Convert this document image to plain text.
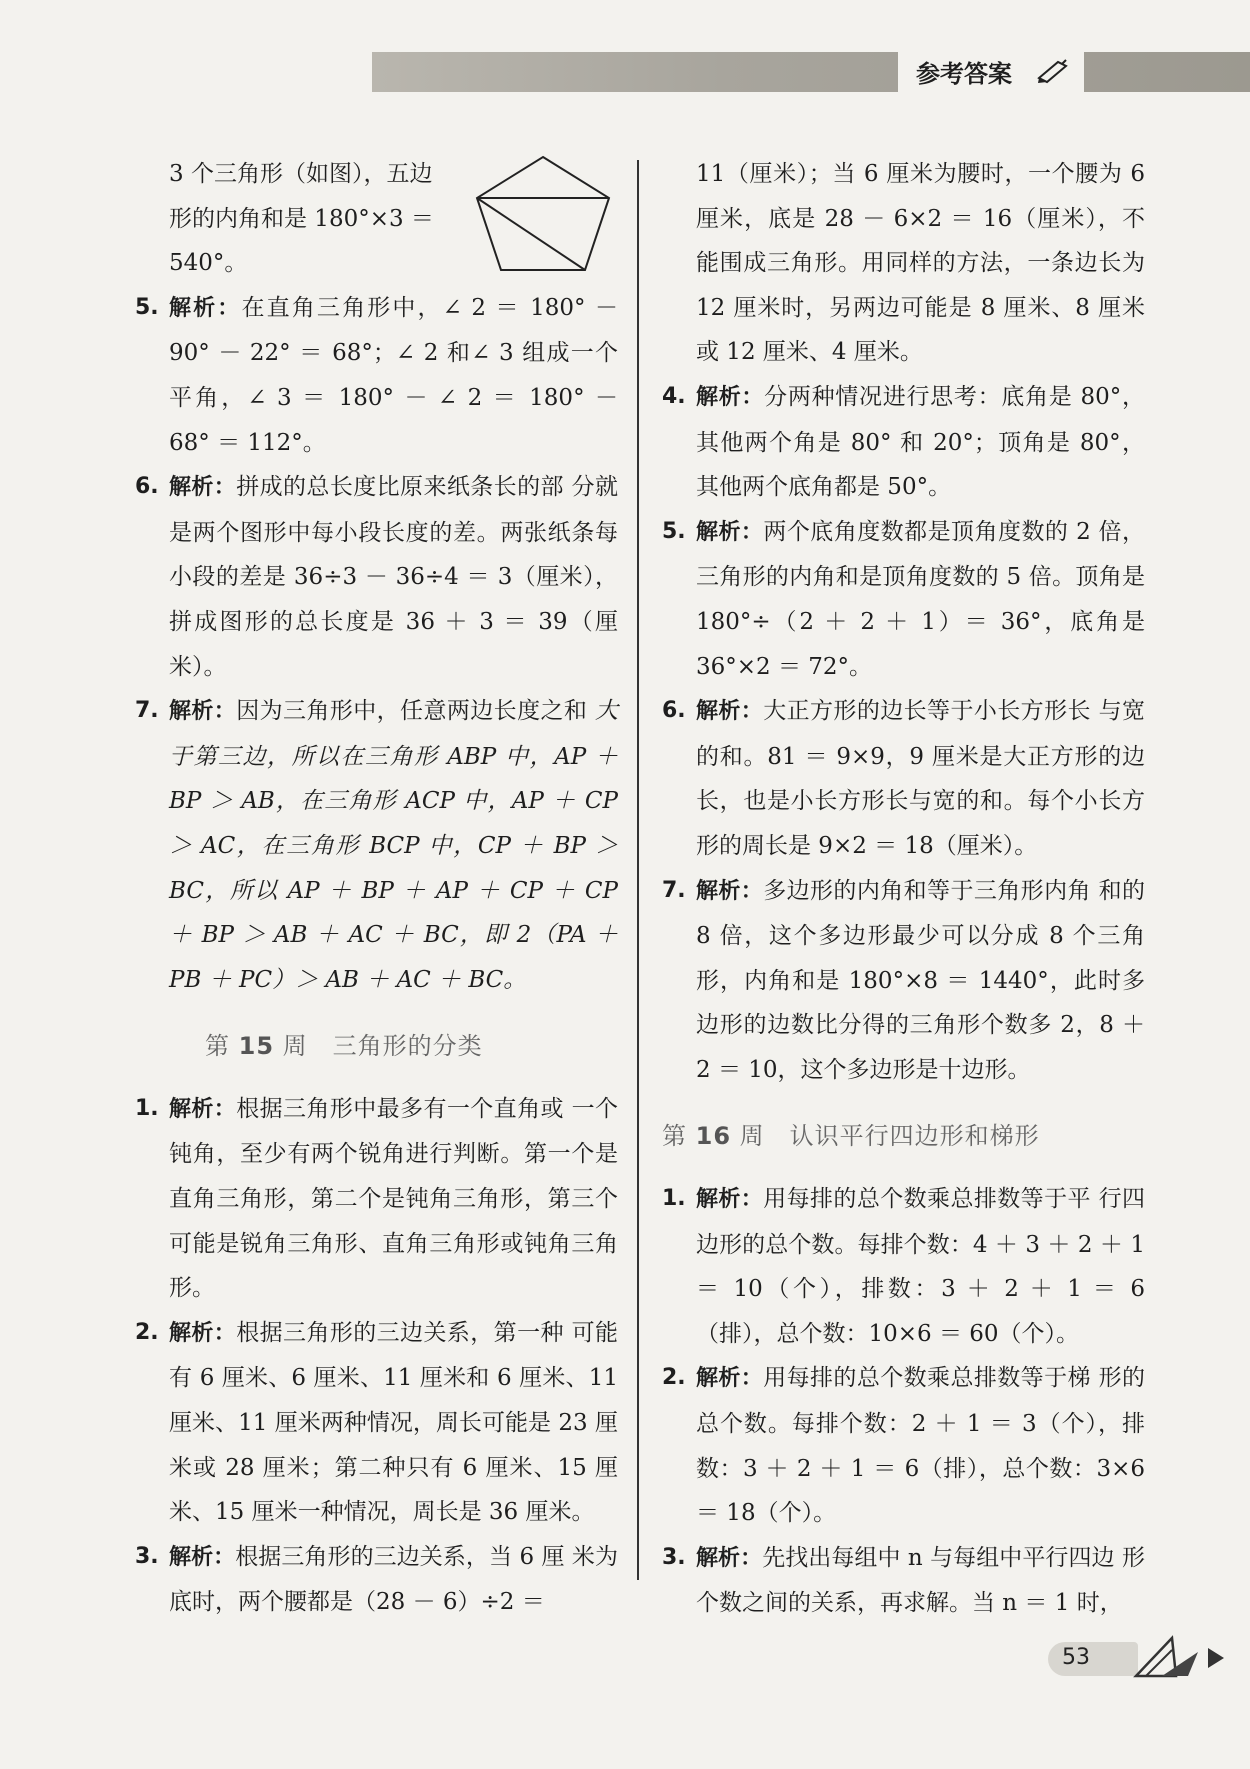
参考答案
3 个三角形（如图），五边
形的内角和是 180°×3 ＝
540°。
5. 解析：在直角三角形中，∠ 2 ＝ 180° － 90° － 22° ＝ 68°；∠ 2 和∠ 3 组成一个平角，∠ 3 ＝ 180° － ∠ 2 ＝ 180° － 68° ＝ 112°。
6. 解析：拼成的总长度比原来纸条长的部 分就是两个图形中每小段长度的差。两张纸条每小段的差是 36÷3 － 36÷4 ＝ 3（厘米），拼成图形的总长度是 36 ＋ 3 ＝ 39（厘米）。
7. 解析：因为三角形中，任意两边长度之和 大于第三边，所以在三角形 ABP 中，AP ＋ BP ＞ AB，在三角形 ACP 中，AP ＋ CP ＞ AC，在三角形 BCP 中，CP ＋ BP ＞ BC，所以 AP ＋ BP ＋ AP ＋ CP ＋ CP ＋ BP ＞ AB ＋ AC ＋ BC，即 2（PA ＋ PB ＋ PC）＞ AB ＋ AC ＋ BC。
第 15 周　三角形的分类
1. 解析：根据三角形中最多有一个直角或 一个钝角，至少有两个锐角进行判断。第一个是直角三角形，第二个是钝角三角形，第三个可能是锐角三角形、直角三角形或钝角三角形。
2. 解析：根据三角形的三边关系，第一种 可能有 6 厘米、6 厘米、11 厘米和 6 厘米、11 厘米、11 厘米两种情况，周长可能是 23 厘米或 28 厘米；第二种只有 6 厘米、15 厘米、15 厘米一种情况，周长是 36 厘米。
3. 解析：根据三角形的三边关系，当 6 厘 米为底时，两个腰都是（28 － 6）÷2 ＝
11（厘米）；当 6 厘米为腰时，一个腰为 6 厘米，底是 28 － 6×2 ＝ 16（厘米），不能围成三角形。用同样的方法，一条边长为 12 厘米时，另两边可能是 8 厘米、8 厘米或 12 厘米、4 厘米。
4. 解析：分两种情况进行思考：底角是 80°，其他两个角是 80° 和 20°；顶角是 80°，其他两个底角都是 50°。
5. 解析：两个底角度数都是顶角度数的 2 倍，三角形的内角和是顶角度数的 5 倍。顶角是 180°÷（2 ＋ 2 ＋ 1）＝ 36°，底角是 36°×2 ＝ 72°。
6. 解析：大正方形的边长等于小长方形长 与宽的和。81 ＝ 9×9，9 厘米是大正方形的边长，也是小长方形长与宽的和。每个小长方形的周长是 9×2 ＝ 18（厘米）。
7. 解析：多边形的内角和等于三角形内角 和的 8 倍，这个多边形最少可以分成 8 个三角形，内角和是 180°×8 ＝ 1440°，此时多边形的边数比分得的三角形个数多 2，8 ＋ 2 ＝ 10，这个多边形是十边形。
第 16 周　认识平行四边形和梯形
1. 解析：用每排的总个数乘总排数等于平 行四边形的总个数。每排个数：4 ＋ 3 ＋ 2 ＋ 1 ＝ 10（个），排数：3 ＋ 2 ＋ 1 ＝ 6（排），总个数：10×6 ＝ 60（个）。
2. 解析：用每排的总个数乘总排数等于梯 形的总个数。每排个数：2 ＋ 1 ＝ 3（个），排数：3 ＋ 2 ＋ 1 ＝ 6（排），总个数：3×6 ＝ 18（个）。
3. 解析：先找出每组中 n 与每组中平行四边 形个数之间的关系，再求解。当 n ＝ 1 时，
53
